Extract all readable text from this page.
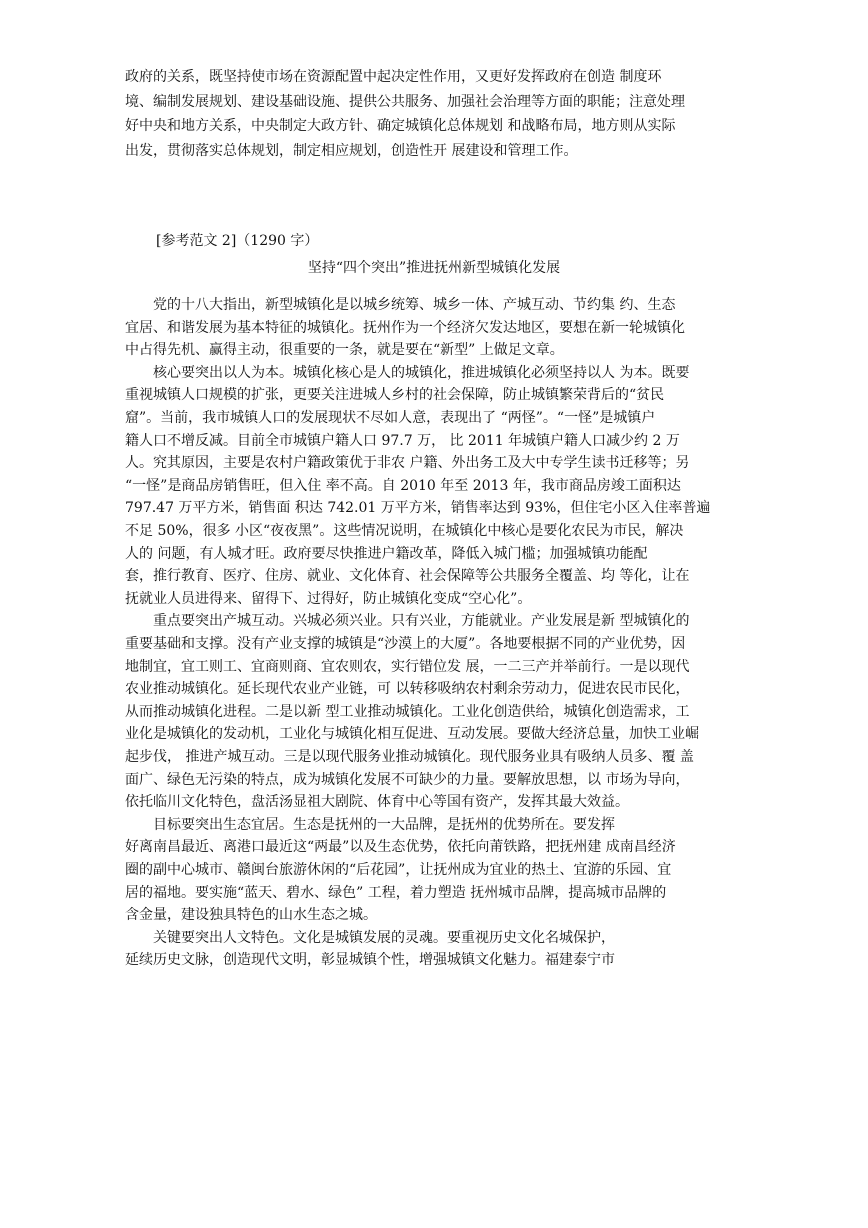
政府的关系，既坚持使市场在资源配置中起决定性作用，又更好发挥政府在创造 制度环
境、编制发展规划、建设基础设施、提供公共服务、加强社会治理等方面的职能；注意处理
好中央和地方关系，中央制定大政方针、确定城镇化总体规划 和战略布局，地方则从实际
出发，贯彻落实总体规划，制定相应规划，创造性开 展建设和管理工作。
[参考范文 2]（1290 字）
坚持“四个突出”推进抚州新型城镇化发展
　　党的十八大指出，新型城镇化是以城乡统筹、城乡一体、产城互动、节约集 约、生态
宜居、和谐发展为基本特征的城镇化。抚州作为一个经济欠发达地区，要想在新一轮城镇化
中占得先机、赢得主动，很重要的一条，就是要在“新型” 上做足文章。
　　核心要突出以人为本。城镇化核心是人的城镇化，推进城镇化必须坚持以人 为本。既要
重视城镇人口规模的扩张，更要关注进城人乡村的社会保障，防止城镇繁荣背后的“贫民
窟”。当前，我市城镇人口的发展现状不尽如人意，表现出了 “两怪”。“一怪”是城镇户
籍人口不增反减。目前全市城镇户籍人口 97.7 万， 比 2011 年城镇户籍人口减少约 2 万
人。究其原因，主要是农村户籍政策优于非农 户籍、外出务工及大中专学生读书迁移等；另
“一怪”是商品房销售旺，但入住 率不高。自 2010 年至 2013 年，我市商品房竣工面积达
797.47 万平方米，销售面 积达 742.01 万平方米，销售率达到 93%，但住宅小区入住率普遍
不足 50%，很多 小区“夜夜黑”。这些情况说明，在城镇化中核心是要化农民为市民，解决
人的 问题，有人城才旺。政府要尽快推进户籍改革，降低入城门槛；加强城镇功能配
套，推行教育、医疗、住房、就业、文化体育、社会保障等公共服务全覆盖、均 等化，让在
抚就业人员进得来、留得下、过得好，防止城镇化变成“空心化”。
　　重点要突出产城互动。兴城必须兴业。只有兴业，方能就业。产业发展是新 型城镇化的
重要基础和支撑。没有产业支撑的城镇是“沙漠上的大厦”。各地要根据不同的产业优势，因
地制宜，宜工则工、宜商则商、宜农则农，实行错位发 展，一二三产并举前行。一是以现代
农业推动城镇化。延长现代农业产业链，可 以转移吸纳农村剩余劳动力，促进农民市民化，
从而推动城镇化进程。二是以新 型工业推动城镇化。工业化创造供给，城镇化创造需求，工
业化是城镇化的发动机，工业化与城镇化相互促进、互动发展。要做大经济总量，加快工业崛
起步伐， 推进产城互动。三是以现代服务业推动城镇化。现代服务业具有吸纳人员多、覆 盖
面广、绿色无污染的特点，成为城镇化发展不可缺少的力量。要解放思想，以 市场为导向，
依托临川文化特色，盘活汤显祖大剧院、体育中心等国有资产，发挥其最大效益。
　　目标要突出生态宜居。生态是抚州的一大品牌，是抚州的优势所在。要发挥
好离南昌最近、离港口最近这“两最”以及生态优势，依托向莆铁路，把抚州建 成南昌经济
圈的副中心城市、赣闽台旅游休闲的“后花园”，让抚州成为宜业的热土、宜游的乐园、宜
居的福地。要实施“蓝天、碧水、绿色” 工程，着力塑造 抚州城市品牌，提高城市品牌的
含金量，建设独具特色的山水生态之城。
　　关键要突出人文特色。文化是城镇发展的灵魂。要重视历史文化名城保护，
延续历史文脉，创造现代文明，彰显城镇个性，增强城镇文化魅力。福建泰宁市
